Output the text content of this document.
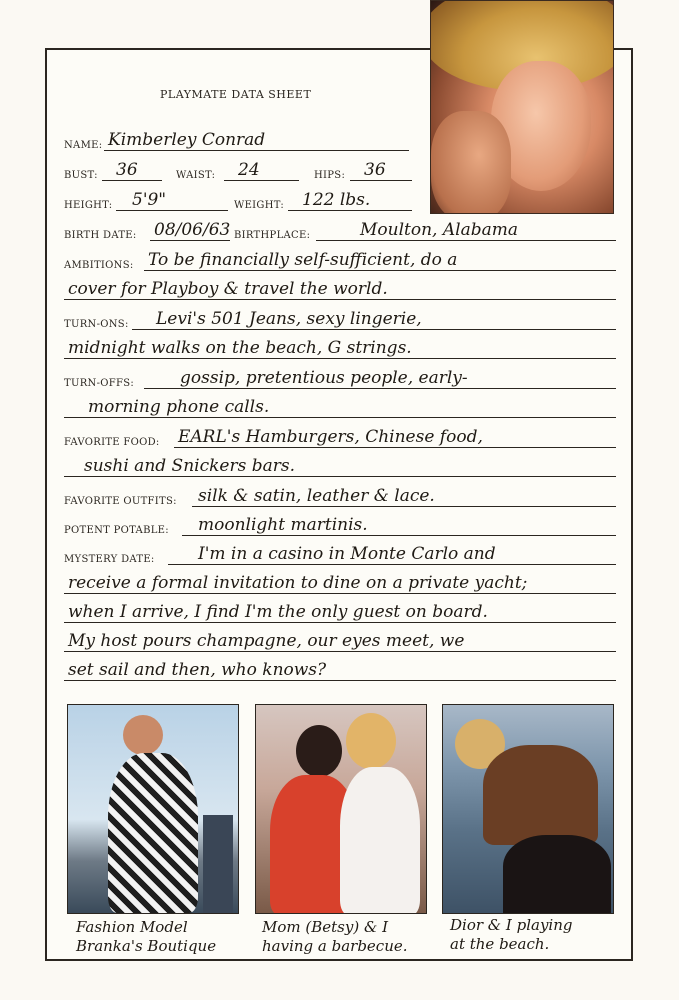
PLAYMATE DATA SHEET
NAME: Kimberley Conrad
BUST:	36	WAIST:	24	HIPS:	36
HEIGHT:	5'9"	WEIGHT:	122 lbs.
BIRTH DATE: 08/06/63 BIRTHPLACE:	Moulton, Alabama
AMBITIONS: To be financially self-sufficient, do a
cover for Playboy & travel the world.
TURN-ONS:	Levi's 501 Jeans, sexy lingerie,
midnight walks on the beach, G strings.
TURN-OFFS:	gossip, pretentious people, early-
morning phone calls.
FAVORITE FOOD: EARL's Hamburgers, Chinese food,
sushi and Snickers bars.
FAVORITE OUTFITS:	silk & satin, leather & lace.
POTENT POTABLE:	moonlight martinis.
MYSTERY DATE:	I'm in a casino in Monte Carlo and
receive a formal invitation to dine on a private yacht;
when I arrive, I find I'm the only guest on board.
My host pours champagne, our eyes meet, we
set sail and then, who knows?
Fashion Model
Branka's Boutique
Mom (Betsy) & I
having a barbecue.
Dior & I playing
at the beach.
